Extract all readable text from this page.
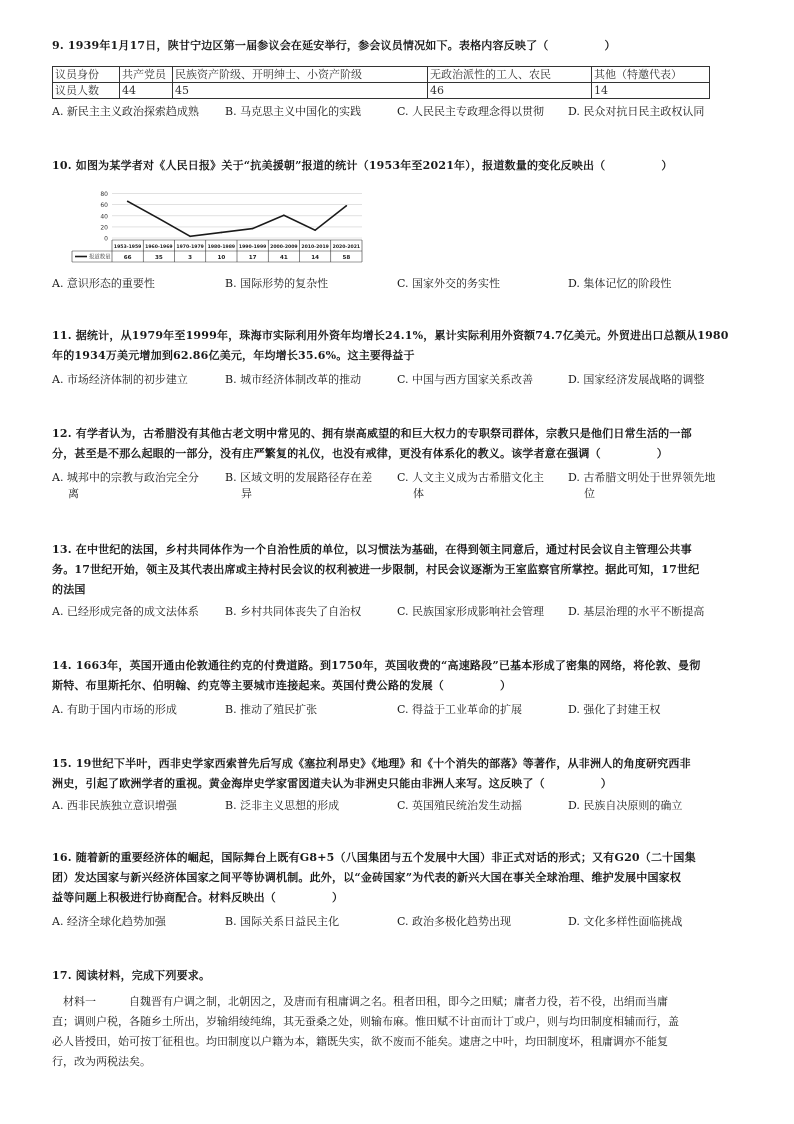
9. 1939年1月17日，陕甘宁边区第一届参议会在延安举行，参会议员情况如下。表格内容反映了（　　　　　）
议员身份	共产党员	民族资产阶级、开明绅士、小资产阶级	无政治派性的工人、农民	其他（特邀代表）
议员人数	44	45	46	14
A. 新民主主义政治探索趋成熟 B. 马克思主义中国化的实践	C. 人民民主专政理念得以贯彻 D. 民众对抗日民主政权认同
10. 如图为某学者对《人民日报》关于“抗美援朝”报道的统计（1953年至2021年），报道数量的变化反映出（　　　　　）
0
20
40
60
80
报道数量
1953-1959
66
1960-1969
35
1970-1979
3
1980-1989
10
1990-1999
17
2000-2009
41
2010-2019
14
2020-2021
58
A. 意识形态的重要性	B. 国际形势的复杂性	C. 国家外交的务实性	D. 集体记忆的阶段性
11. 据统计，从1979年至1999年，珠海市实际利用外资年均增长24.1%，累计实际利用外资额74.7亿美元。外贸进出口总额从1980
年的1934万美元增加到62.86亿美元，年均增长35.6%。这主要得益于
A. 市场经济体制的初步建立	B. 城市经济体制改革的推动	C. 中国与西方国家关系改善	D. 国家经济发展战略的调整
12. 有学者认为，古希腊没有其他古老文明中常见的、拥有崇高威望的和巨大权力的专职祭司群体，宗教只是他们日常生活的一部
分，甚至是不那么起眼的一部分，没有庄严繁复的礼仪，也没有戒律，更没有体系化的教义。该学者意在强调（　　　　　）
A. 城邦中的宗教与政治完全分
离
B. 区域文明的发展路径存在差
异
C. 人文主义成为古希腊文化主
体
D. 古希腊文明处于世界领先地
位
13. 在中世纪的法国，乡村共同体作为一个自治性质的单位，以习惯法为基础，在得到领主同意后，通过村民会议自主管理公共事
务。17世纪开始，领主及其代表出席或主持村民会议的权利被进一步限制，村民会议逐渐为王室监察官所掌控。据此可知，17世纪
的法国
A. 已经形成完备的成文法体系 B. 乡村共同体丧失了自治权	C. 民族国家形成影响社会管理 D. 基层治理的水平不断提高
14. 1663年，英国开通由伦敦通往约克的付费道路。到1750年，英国收费的“高速路段”已基本形成了密集的网络，将伦敦、曼彻
斯特、布里斯托尔、伯明翰、约克等主要城市连接起来。英国付费公路的发展（　　　　　）
A. 有助于国内市场的形成	B. 推动了殖民扩张	C. 得益于工业革命的扩展	D. 强化了封建王权
15. 19世纪下半叶，西非史学家西索普先后写成《塞拉利昂史》《地理》和《十个消失的部落》等著作，从非洲人的角度研究西非
洲史，引起了欧洲学者的重视。黄金海岸史学家雷図道夫认为非洲史只能由非洲人来写。这反映了（　　　　　）
A. 西非民族独立意识增强	B. 泛非主义思想的形成	C. 英国殖民统治发生动摇	D. 民族自决原则的确立
16. 随着新的重要经济体的崛起，国际舞台上既有G8+5（八国集团与五个发展中大国）非正式对话的形式；又有G20（二十国集
团）发达国家与新兴经济体国家之间平等协调机制。此外，以“金砖国家”为代表的新兴大国在事关全球治理、维护发展中国家权
益等问题上积极进行协商配合。材料反映出（　　　　　）
A. 经济全球化趋势加强	B. 国际关系日益民主化	C. 政治多极化趋势出现	D. 文化多样性面临挑战
17. 阅读材料，完成下列要求。
　材料一　　　自魏晋有户调之制，北朝因之，及唐而有租庸调之名。租者田租，即今之田赋；庸者力役，若不役，出绢而当庸
直；调则户税，各随乡土所出，岁输绢绫纯绵，其无蚕桑之处，则输布麻。惟田赋不计亩而计丁或户，则与均田制度相辅而行，盖
必人皆授田，始可按丁征租也。均田制度以户籍为本，籍既失实，欲不废而不能矣。逮唐之中叶，均田制度坏，租庸调亦不能复
行，改为两税法矣。
